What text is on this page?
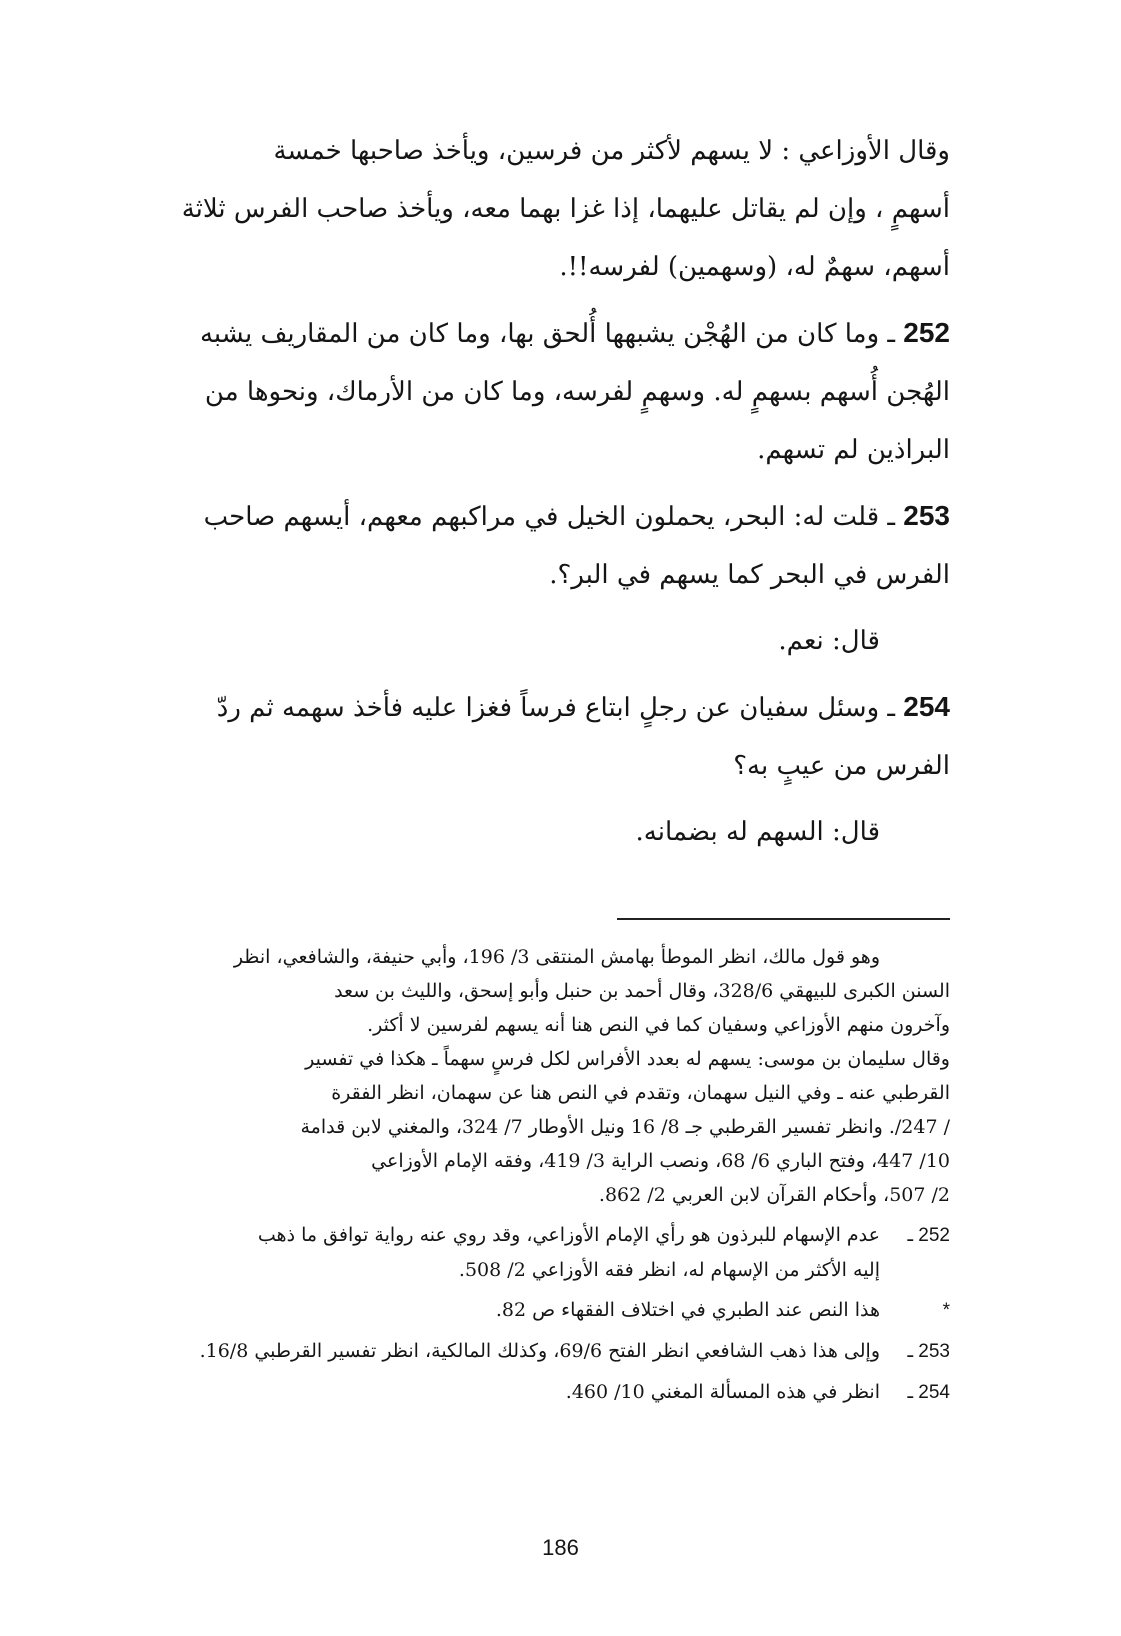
وقال الأوزاعي : لا يسهم لأكثر من فرسين، ويأخذ صاحبها خمسة
أسهمٍ ، وإن لم يقاتل عليهما، إذا غزا بهما معه، ويأخذ صاحب الفرس ثلاثة
أسهم، سهمٌ له، (وسهمين) لفرسه!!.

252 ـ وما كان من الهُجْن يشبهها أُلحق بها، وما كان من المقاريف يشبه
الهُجن أُسهم بسهمٍ له. وسهمٍ لفرسه، وما كان من الأرماك، ونحوها من
البراذين لم تسهم.

253 ـ قلت له: البحر، يحملون الخيل في مراكبهم معهم، أيسهم صاحب
الفرس في البحر كما يسهم في البر؟.

قال: نعم.

254 ـ وسئل سفيان عن رجلٍ ابتاع فرساً فغزا عليه فأخذ سهمه ثم ردّ
الفرس من عيبٍ به؟

قال: السهم له بضمانه.

وهو قول مالك، انظر الموطأ بهامش المنتقى 3/ 196، وأبي حنيفة، والشافعي، انظر
السنن الكبرى للبيهقي 328/6، وقال أحمد بن حنبل وأبو إسحق، والليث بن سعد
وآخرون منهم الأوزاعي وسفيان كما في النص هنا أنه يسهم لفرسين لا أكثر.
وقال سليمان بن موسى: يسهم له بعدد الأفراس لكل فرسٍ سهماً ـ هكذا في تفسير
القرطبي عنه ـ وفي النيل سهمان، وتقدم في النص هنا عن سهمان، انظر الفقرة
/ 247/. وانظر تفسير القرطبي جـ 8/ 16 ونيل الأوطار 7/ 324، والمغني لابن قدامة
10/ 447، وفتح الباري 6/ 68، ونصب الراية 3/ 419، وفقه الإمام الأوزاعي
2/ 507، وأحكام القرآن لابن العربي 2/ 862.
252 ـعدم الإسهام للبرذون هو رأي الإمام الأوزاعي، وقد روي عنه رواية توافق ما ذهب
إليه الأكثر من الإسهام له، انظر فقه الأوزاعي 2/ 508.
*هذا النص عند الطبري في اختلاف الفقهاء ص 82.
253 ـوإلى هذا ذهب الشافعي انظر الفتح 69/6، وكذلك المالكية، انظر تفسير القرطبي 16/8.
254 ـانظر في هذه المسألة المغني 10/ 460.
186
